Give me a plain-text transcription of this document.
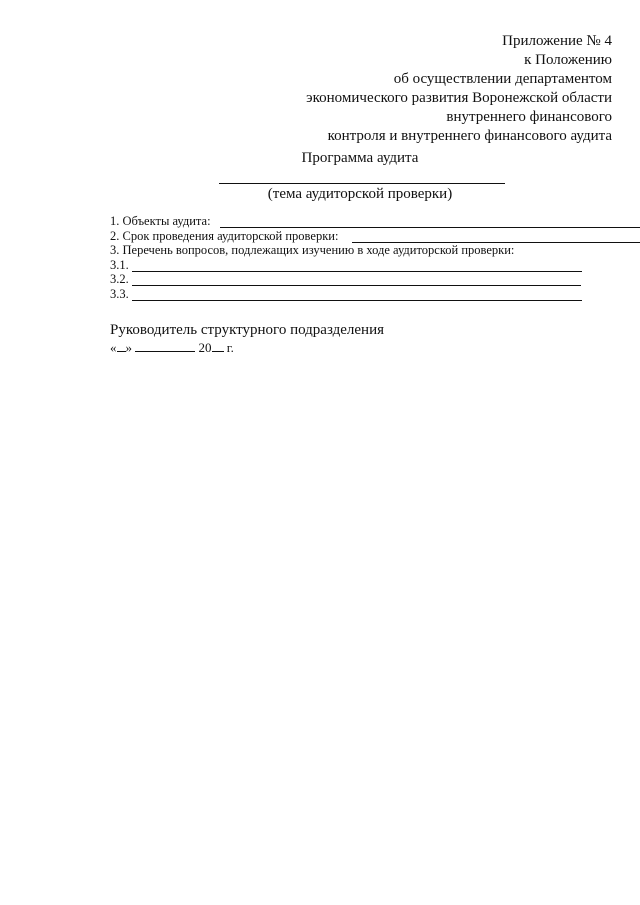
Приложение № 4
к Положению
об осуществлении департаментом
экономического развития Воронежской области
внутреннего финансового
контроля и внутреннего финансового аудита
Программа аудита
(тема аудиторской проверки)
1. Объекты аудита:
2. Срок проведения аудиторской проверки:
3. Перечень вопросов, подлежащих изучению в ходе аудиторской проверки:
3.1.
3.2.
3.3.
Руководитель структурного подразделения
« »	20 г.
